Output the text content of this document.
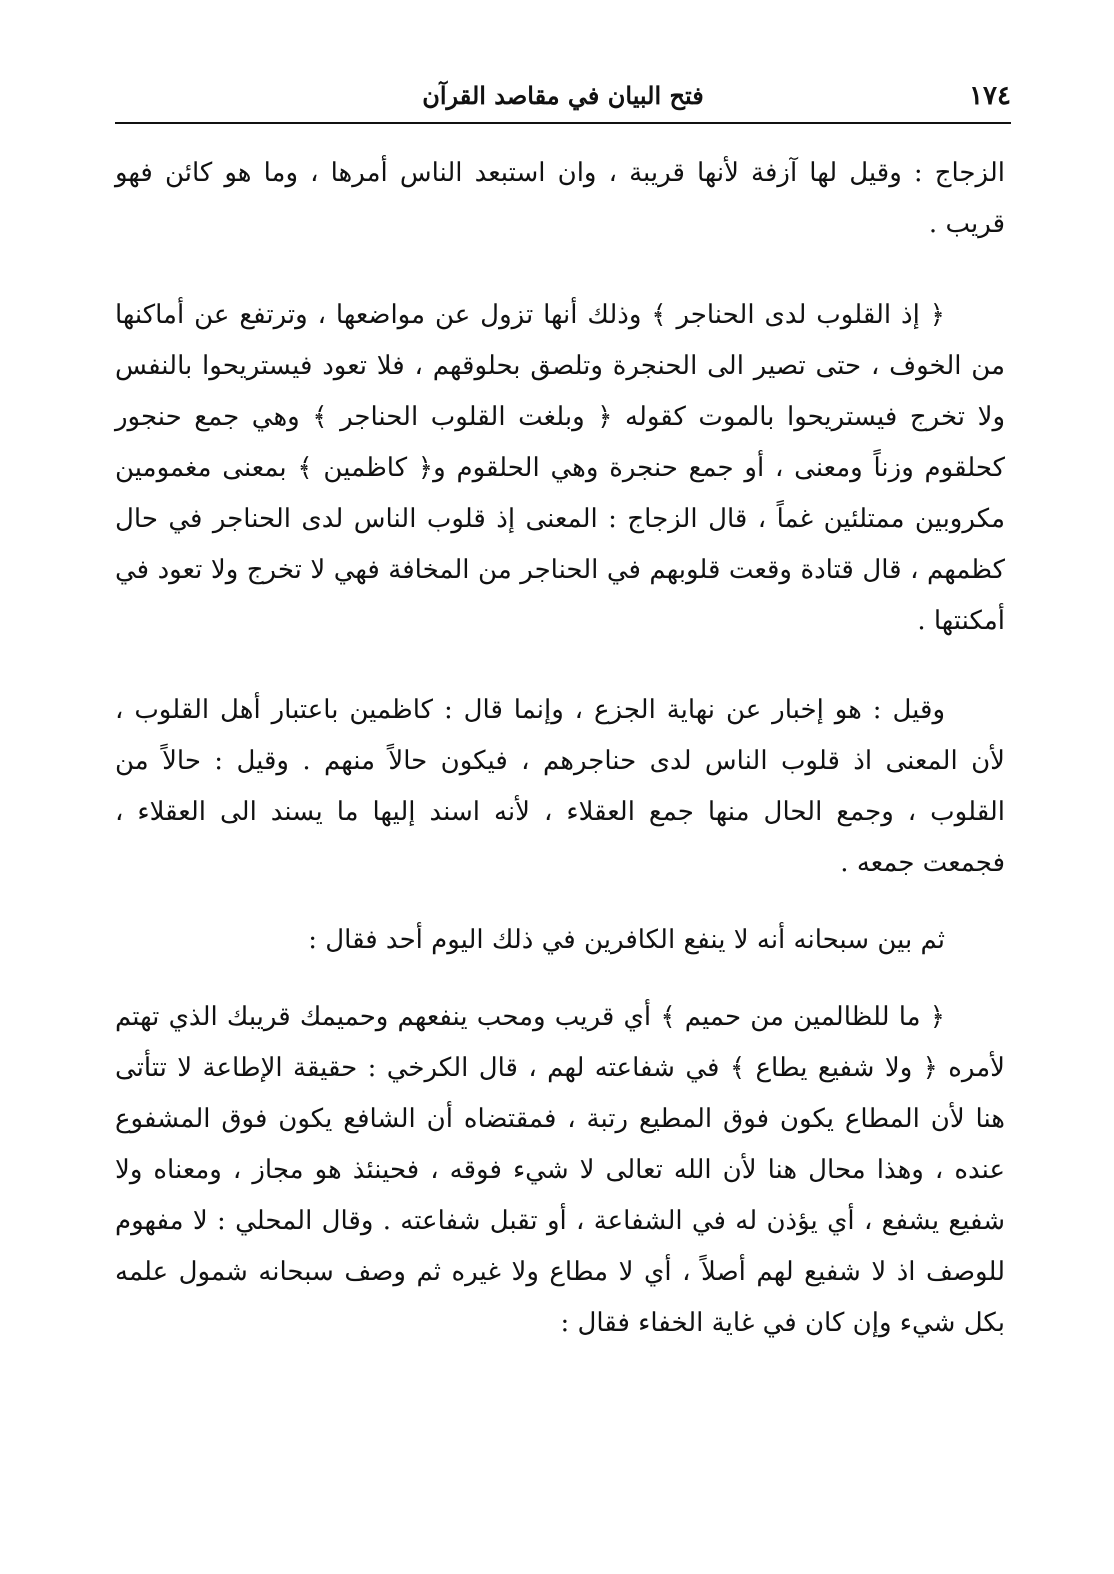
١٧٤
فتح البيان في مقاصد القرآن

الزجاج : وقيل لها آزفة لأنها قريبة ، وان استبعد الناس أمرها ، وما هو كائن فهو قريب .

﴿ إذ القلوب لدى الحناجر ﴾ وذلك أنها تزول عن مواضعها ، وترتفع عن أماكنها من الخوف ، حتى تصير الى الحنجرة وتلصق بحلوقهم ، فلا تعود فيستريحوا بالنفس ولا تخرج فيستريحوا بالموت كقوله ﴿ وبلغت القلوب الحناجر ﴾ وهي جمع حنجور كحلقوم وزناً ومعنى ، أو جمع حنجرة وهي الحلقوم و﴿ كاظمين ﴾ بمعنى مغمومين مكروبين ممتلئين غماً ، قال الزجاج : المعنى إذ قلوب الناس لدى الحناجر في حال كظمهم ، قال قتادة وقعت قلوبهم في الحناجر من المخافة فهي لا تخرج ولا تعود في أمكنتها .

وقيل : هو إخبار عن نهاية الجزع ، وإنما قال : كاظمين باعتبار أهل القلوب ، لأن المعنى اذ قلوب الناس لدى حناجرهم ، فيكون حالاً منهم . وقيل : حالاً من القلوب ، وجمع الحال منها جمع العقلاء ، لأنه اسند إليها ما يسند الى العقلاء ، فجمعت جمعه .

ثم بين سبحانه أنه لا ينفع الكافرين في ذلك اليوم أحد فقال :

﴿ ما للظالمين من حميم ﴾ أي قريب ومحب ينفعهم وحميمك قريبك الذي تهتم لأمره ﴿ ولا شفيع يطاع ﴾ في شفاعته لهم ، قال الكرخي : حقيقة الإطاعة لا تتأتى هنا لأن المطاع يكون فوق المطيع رتبة ، فمقتضاه أن الشافع يكون فوق المشفوع عنده ، وهذا محال هنا لأن الله تعالى لا شيء فوقه ، فحينئذ هو مجاز ، ومعناه ولا شفيع يشفع ، أي يؤذن له في الشفاعة ، أو تقبل شفاعته . وقال المحلي : لا مفهوم للوصف اذ لا شفيع لهم أصلاً ، أي لا مطاع ولا غيره ثم وصف سبحانه شمول علمه بكل شيء وإن كان في غاية الخفاء فقال :
